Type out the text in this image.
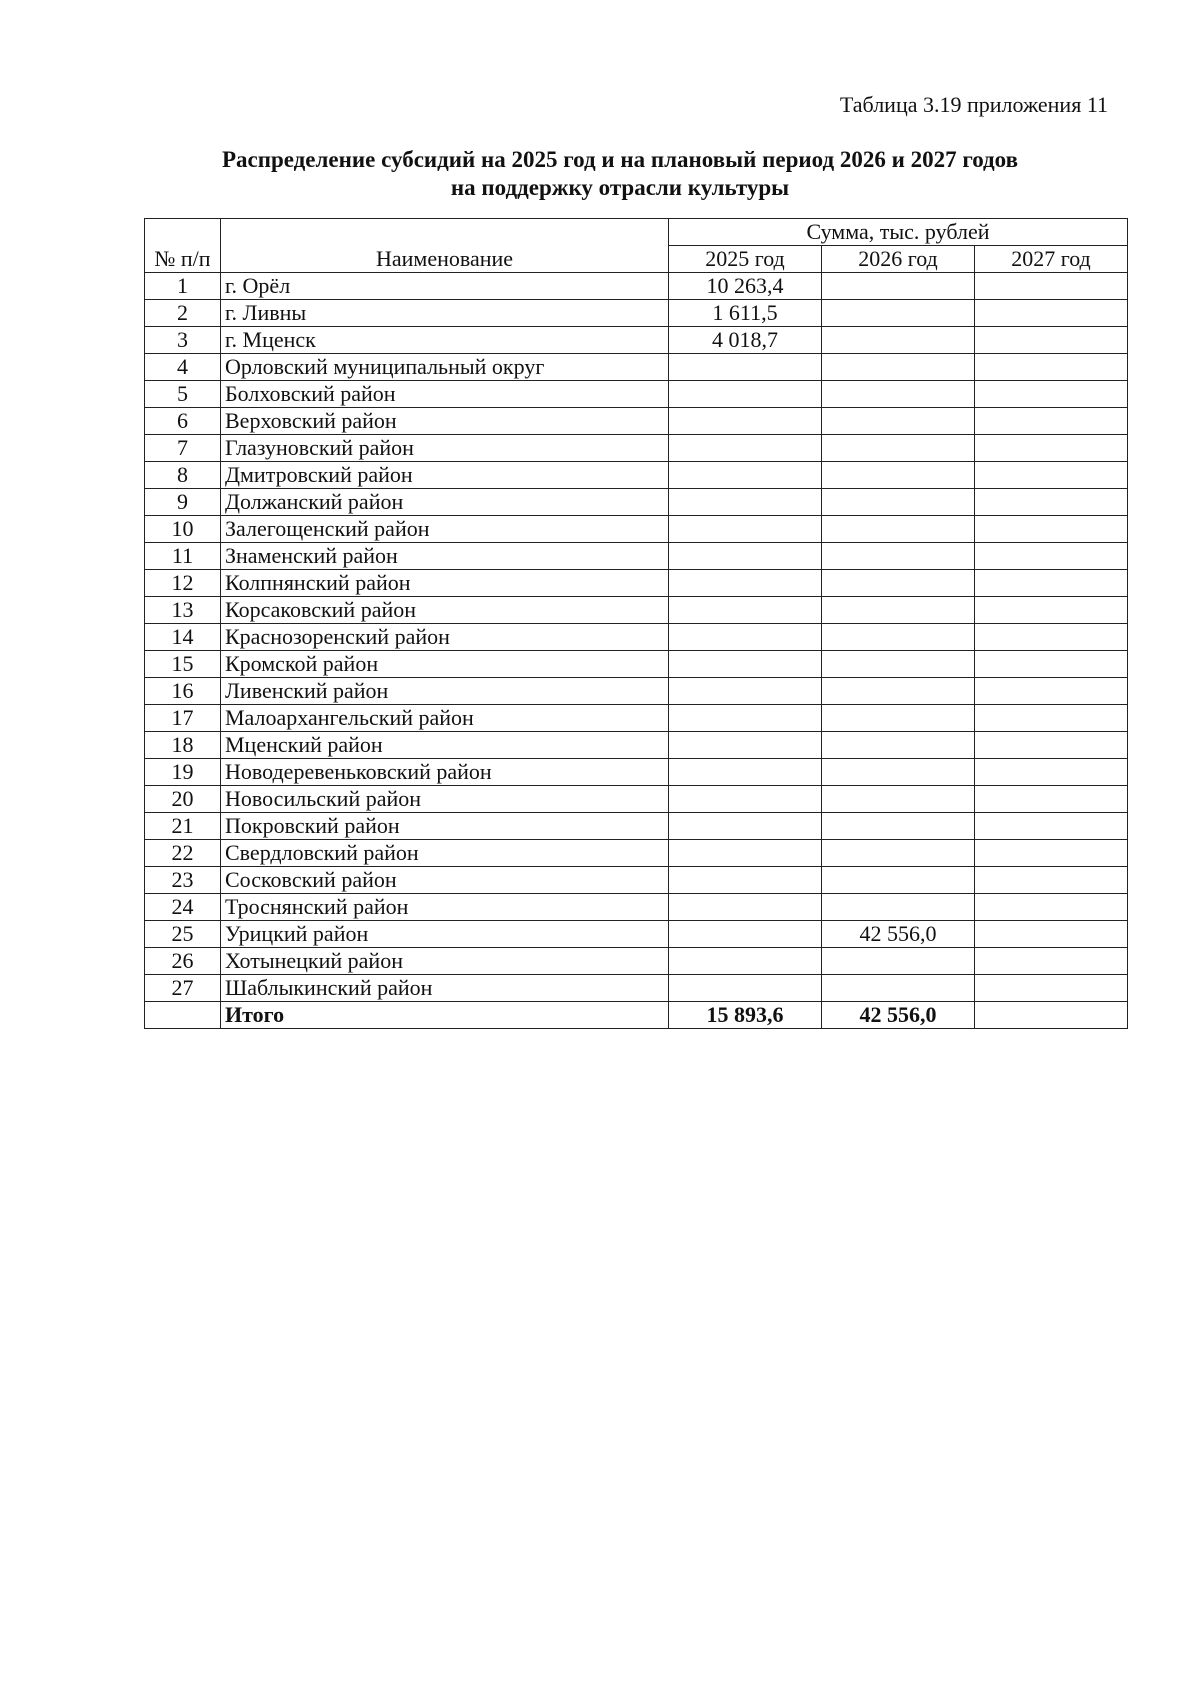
Таблица 3.19 приложения 11
Распределение субсидий на 2025 год и на плановый период 2026 и 2027 годов
на поддержку отрасли культуры
№ п/п	Наименование	Сумма, тыс. рублей		
		2025 год	2026 год	2027 год
1	г. Орёл	10 263,4		
2	г. Ливны	1 611,5		
3	г. Мценск	4 018,7		
4	Орловский муниципальный округ			
5	Болховский район			
6	Верховский район			
7	Глазуновский район			
8	Дмитровский район			
9	Должанский район			
10	Залегощенский район			
11	Знаменский район			
12	Колпнянский район			
13	Корсаковский район			
14	Краснозоренский район			
15	Кромской район			
16	Ливенский район			
17	Малоархангельский район			
18	Мценский район			
19	Новодеревеньковский район			
20	Новосильский район			
21	Покровский район			
22	Свердловский район			
23	Сосковский район			
24	Троснянский район			
25	Урицкий район		42 556,0	
26	Хотынецкий район			
27	Шаблыкинский район			
	Итого	15 893,6	42 556,0	
